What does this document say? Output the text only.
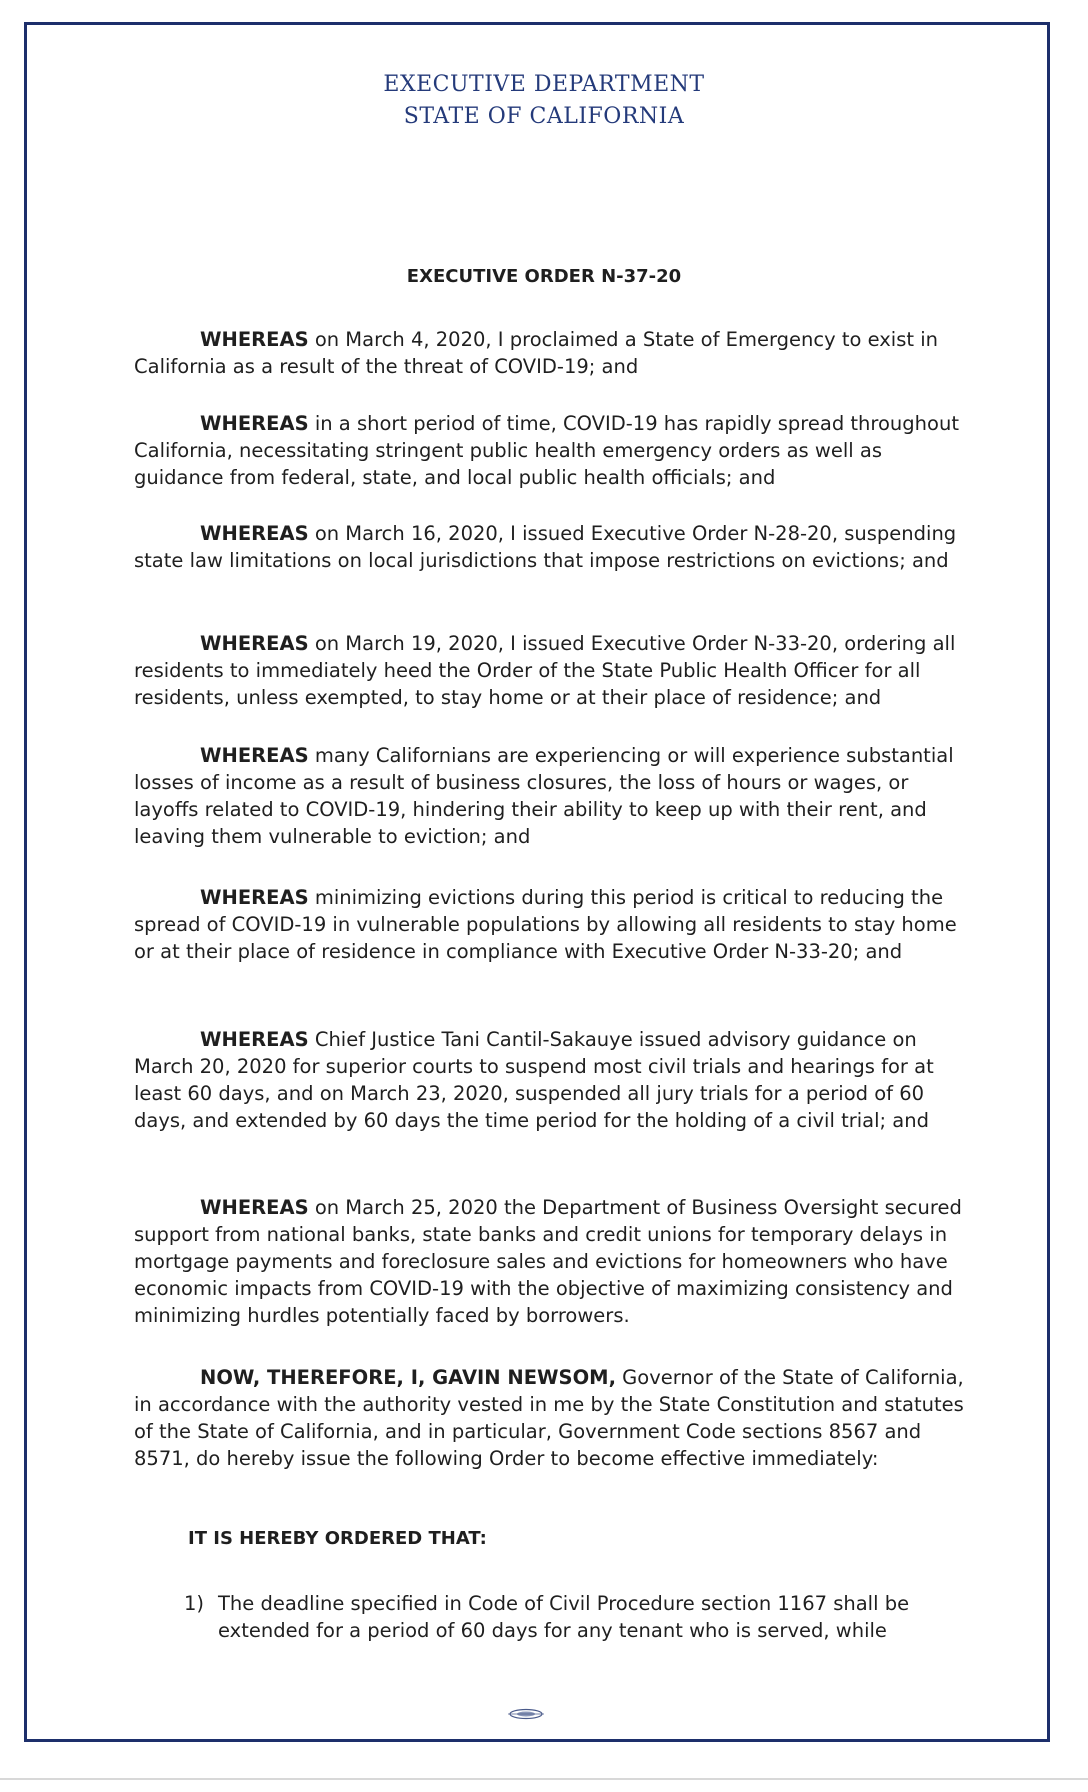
EXECUTIVE DEPARTMENT
STATE OF CALIFORNIA
EXECUTIVE ORDER N-37-20
WHEREAS on March 4, 2020, I proclaimed a State of Emergency to exist in California as a result of the threat of COVID-19; and
WHEREAS in a short period of time, COVID-19 has rapidly spread throughout California, necessitating stringent public health emergency orders as well as guidance from federal, state, and local public health officials; and
WHEREAS on March 16, 2020, I issued Executive Order N-28-20, suspending state law limitations on local jurisdictions that impose restrictions on evictions; and
WHEREAS on March 19, 2020, I issued Executive Order N-33-20, ordering all residents to immediately heed the Order of the State Public Health Officer for all residents, unless exempted, to stay home or at their place of residence; and
WHEREAS many Californians are experiencing or will experience substantial losses of income as a result of business closures, the loss of hours or wages, or layoffs related to COVID-19, hindering their ability to keep up with their rent, and leaving them vulnerable to eviction; and
WHEREAS minimizing evictions during this period is critical to reducing the spread of COVID-19 in vulnerable populations by allowing all residents to stay home or at their place of residence in compliance with Executive Order N-33-20; and
WHEREAS Chief Justice Tani Cantil-Sakauye issued advisory guidance on March 20, 2020 for superior courts to suspend most civil trials and hearings for at least 60 days, and on March 23, 2020, suspended all jury trials for a period of 60 days, and extended by 60 days the time period for the holding of a civil trial; and
WHEREAS on March 25, 2020 the Department of Business Oversight secured support from national banks, state banks and credit unions for temporary delays in mortgage payments and foreclosure sales and evictions for homeowners who have economic impacts from COVID-19 with the objective of maximizing consistency and minimizing hurdles potentially faced by borrowers.
NOW, THEREFORE, I, GAVIN NEWSOM, Governor of the State of California, in accordance with the authority vested in me by the State Constitution and statutes of the State of California, and in particular, Government Code sections 8567 and 8571, do hereby issue the following Order to become effective immediately:
IT IS HEREBY ORDERED THAT:
1) The deadline specified in Code of Civil Procedure section 1167 shall be extended for a period of 60 days for any tenant who is served, while
